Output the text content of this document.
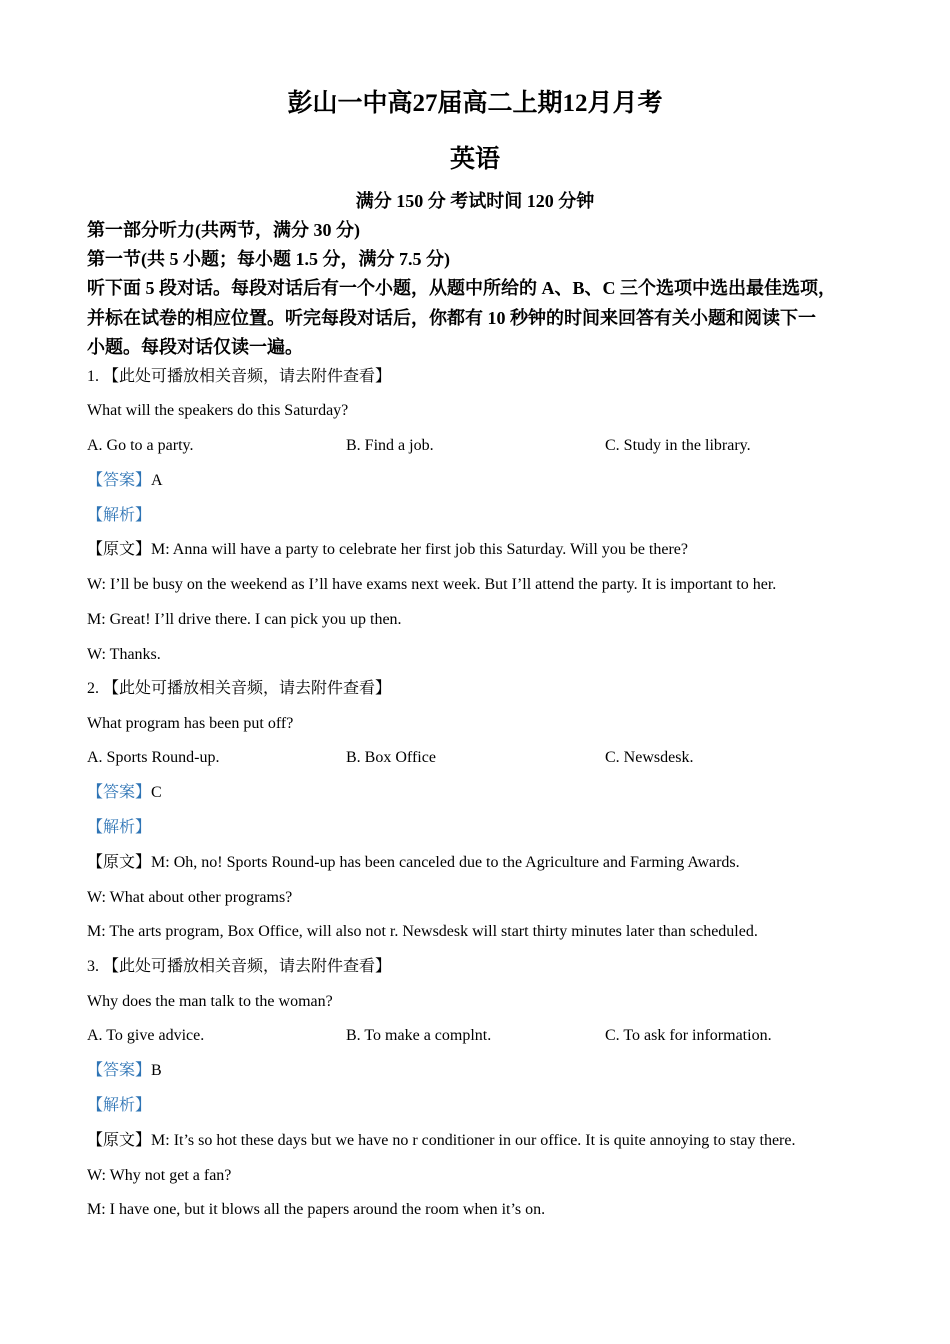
彭山一中高27届高二上期12月月考
英语
满分 150 分 考试时间 120 分钟
第一部分听力(共两节，满分 30 分)
第一节(共 5 小题；每小题 1.5 分，满分 7.5 分)
听下面 5 段对话。每段对话后有一个小题，从题中所给的 A、B、C 三个选项中选出最佳选项，
并标在试卷的相应位置。听完每段对话后，你都有 10 秒钟的时间来回答有关小题和阅读下一
小题。每段对话仅读一遍。
1. 【此处可播放相关音频，请去附件查看】
What will the speakers do this Saturday?
A. Go to a party.	B. Find a job.	C. Study in the library.
【答案】A
【解析】
【原文】M: Anna will have a party to celebrate her first job this Saturday. Will you be there?
W: I’ll be busy on the weekend as I’ll have exams next week. But I’ll attend the party. It is important to her.
M: Great! I’ll drive there. I can pick you up then.
W: Thanks.
2. 【此处可播放相关音频，请去附件查看】
What program has been put off?
A. Sports Round-up.	B. Box Office	C. Newsdesk.
【答案】C
【解析】
【原文】M: Oh, no! Sports Round-up has been canceled due to the Agriculture and Farming Awards.
W: What about other programs?
M: The arts program, Box Office, will also not r. Newsdesk will start thirty minutes later than scheduled.
3. 【此处可播放相关音频，请去附件查看】
Why does the man talk to the woman?
A. To give advice.	B. To make a complnt.	C. To ask for information.
【答案】B
【解析】
【原文】M: It’s so hot these days but we have no r conditioner in our office. It is quite annoying to stay there.
W: Why not get a fan?
M: I have one, but it blows all the papers around the room when it’s on.
